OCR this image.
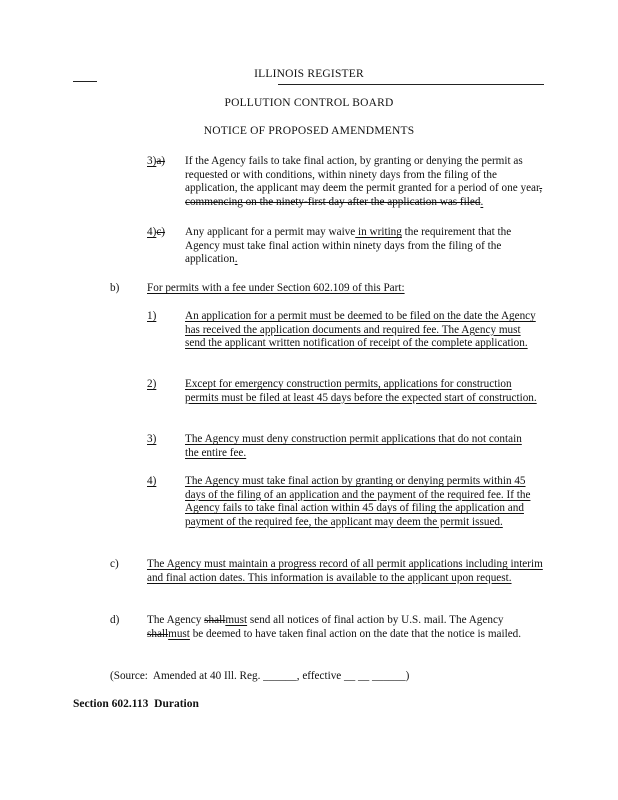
ILLINOIS REGISTER
POLLUTION CONTROL BOARD
NOTICE OF PROPOSED AMENDMENTS
3)a) If the Agency fails to take final action, by granting or denying the permit as requested or with conditions, within ninety days from the filing of the application, the applicant may deem the permit granted for a period of one year, commencing on the ninety-first day after the application was filed.
4)c) Any applicant for a permit may waive in writing the requirement that the Agency must take final action within ninety days from the filing of the application.
b) For permits with a fee under Section 602.109 of this Part:
1)	An application for a permit must be deemed to be filed on the date the Agency has received the application documents and required fee. The Agency must send the applicant written notification of receipt of the complete application.
2)	Except for emergency construction permits, applications for construction permits must be filed at least 45 days before the expected start of construction.
3)	The Agency must deny construction permit applications that do not contain the entire fee.
4)	The Agency must take final action by granting or denying permits within 45 days of the filing of an application and the payment of the required fee. If the Agency fails to take final action within 45 days of filing the application and payment of the required fee, the applicant may deem the permit issued.
c)	The Agency must maintain a progress record of all permit applications including interim and final action dates. This information is available to the applicant upon request.
d) The Agency shallmust send all notices of final action by U.S. mail. The Agency shallmust be deemed to have taken final action on the date that the notice is mailed.
(Source:  Amended at 40 Ill. Reg. ______, effective __ __ ______)
Section 602.113  Duration
